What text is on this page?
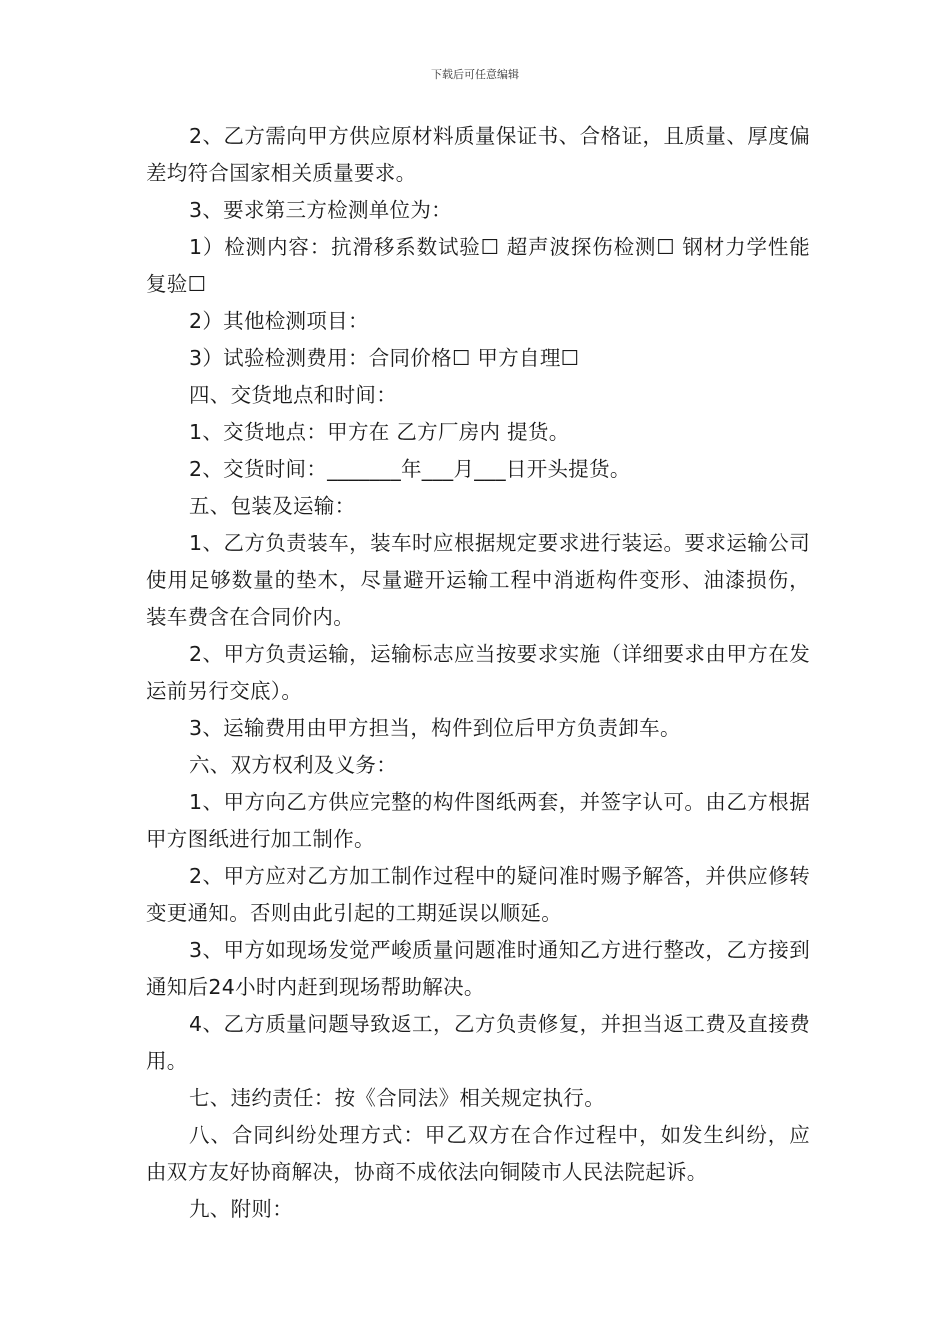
下载后可任意编辑

2、乙方需向甲方供应原材料质量保证书、合格证，且质量、厚度偏差均符合国家相关质量要求。

3、要求第三方检测单位为：

1）检测内容：抗滑移系数试验☐ 超声波探伤检测☐ 钢材力学性能复验☐

2）其他检测项目：

3）试验检测费用：合同价格☐ 甲方自理☐

四、交货地点和时间：

1、交货地点：甲方在 乙方厂房内 提货。

2、交货时间：_______年___月___日开头提货。

五、包装及运输：

1、乙方负责装车，装车时应根据规定要求进行装运。要求运输公司使用足够数量的垫木，尽量避开运输工程中消逝构件变形、油漆损伤，装车费含在合同价内。

2、甲方负责运输，运输标志应当按要求实施（详细要求由甲方在发运前另行交底）。

3、运输费用由甲方担当，构件到位后甲方负责卸车。

六、双方权利及义务：

1、甲方向乙方供应完整的构件图纸两套，并签字认可。由乙方根据甲方图纸进行加工制作。

2、甲方应对乙方加工制作过程中的疑问准时赐予解答，并供应修转变更通知。否则由此引起的工期延误以顺延。

3、甲方如现场发觉严峻质量问题准时通知乙方进行整改，乙方接到通知后24小时内赶到现场帮助解决。

4、乙方质量问题导致返工，乙方负责修复，并担当返工费及直接费用。

七、违约责任：按《合同法》相关规定执行。

八、合同纠纷处理方式：甲乙双方在合作过程中，如发生纠纷，应由双方友好协商解决，协商不成依法向铜陵市人民法院起诉。

九、附则：
